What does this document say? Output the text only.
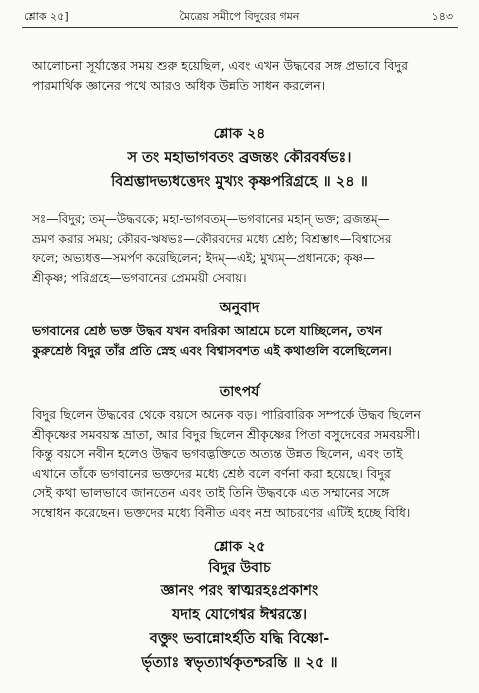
শ্লোক ২৫]	মৈত্রেয় সমীপে বিদুরের গমন	১৪৩
আলোচনা সূর্যাস্তের সময় শুরু হয়েছিল, এবং এখন উদ্ধবের সঙ্গ প্রভাবে বিদুর
পারমার্থিক জ্ঞানের পথে আরও অধিক উন্নতি সাধন করলেন।
শ্লোক ২৪
স তং মহাভাগবতং ব্রজন্তং কৌরবর্ষভঃ।
বিশ্রম্ভাদভ্যধত্তেদং মুখ্যং কৃষ্ণপরিগ্রহে ॥ ২৪ ॥
সঃ—বিদুর; তম্—উদ্ধবকে; মহা-ভাগবতম্—ভগবানের মহান্ ভক্ত; ব্রজন্তম্—
ভ্রমণ করার সময়; কৌরব-ঋষভঃ—কৌরবদের মধ্যে শ্রেষ্ঠ; বিশ্রম্ভাৎ—বিশ্বাসের
ফলে; অভ্যধত্ত—সমর্পণ করেছিলেন; ইদম্—এই; মুখ্যম্—প্রধানকে; কৃষ্ণ—
শ্রীকৃষ্ণ; পরিগ্রহে—ভগবানের প্রেমময়ী সেবায়।
অনুবাদ
ভগবানের শ্রেষ্ঠ ভক্ত উদ্ধব যখন বদরিকা আশ্রমে চলে যাচ্ছিলেন, তখন
কুরুশ্রেষ্ঠ বিদুর তাঁর প্রতি স্নেহ এবং বিশ্বাসবশত এই কথাগুলি বলেছিলেন।
তাৎপর্য
বিদুর ছিলেন উদ্ধবের থেকে বয়সে অনেক বড়। পারিবারিক সম্পর্কে উদ্ধব ছিলেন
শ্রীকৃষ্ণের সমবয়স্ক ভ্রাতা, আর বিদুর ছিলেন শ্রীকৃষ্ণের পিতা বসুদেবের সমবয়সী।
কিন্তু বয়সে নবীন হলেও উদ্ধব ভগবদ্ভক্তিতে অত্যন্ত উন্নত ছিলেন, এবং তাই
এখানে তাঁকে ভগবানের ভক্তদের মধ্যে শ্রেষ্ঠ বলে বর্ণনা করা হয়েছে। বিদুর
সেই কথা ভালভাবে জানতেন এবং তাই তিনি উদ্ধবকে এত সম্মানের সঙ্গে
সম্বোধন করেছেন। ভক্তদের মধ্যে বিনীত এবং নম্র আচরণের এটিই হচ্ছে বিধি।
শ্লোক ২৫
বিদুর উবাচ
জ্ঞানং পরং স্বাত্মরহঃপ্রকাশং
যদাহ যোগেশ্বর ঈশ্বরস্তে।
বক্তুং ভবান্নোঽর্হতি যদ্ধি বিষ্ণো-
র্ভৃত্যাঃ স্বভৃত্যার্থকৃতশ্চরন্তি ॥ ২৫ ॥
